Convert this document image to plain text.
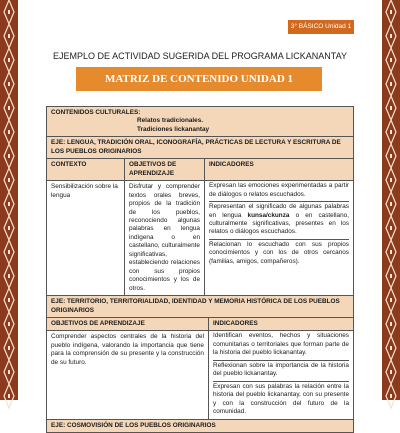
3° BÁSICO Unidad 1
EJEMPLO DE ACTIVIDAD SUGERIDA DEL PROGRAMA LICKANANTAY
MATRIZ DE CONTENIDO UNIDAD 1
CONTENIDOS CULTURALES:
Relatos tradicionales.
Tradiciones lickanantay
EJE: LENGUA, TRADICIÓN ORAL, ICONOGRAFÍA, PRÁCTICAS DE LECTURA Y ESCRITURA DE LOS PUEBLOS ORIGINARIOS
CONTEXTO	OBJETIVOS DE APRENDIZAJE
INDICADORES
Sensibilización sobre la lengua
Disfrutar y comprender textos orales breves, propios de la tradición de los pueblos, reconociendo algunas palabras en lengua indígena o en castellano, culturalmente significativas, estableciendo relaciones con sus propios conocimientos y los de otros.
Expresan las emociones experimentadas a partir de diálogos o relatos escuchados.
Representan el significado de algunas palabras en lengua kunsa/ckunza o en castellano, culturalmente significativas, presentes en los relatos o diálogos escuchados.
Relacionan lo escuchado con sus propios conocimientos y con los de otros cercanos (familias, amigos, compañeros).
EJE: TERRITORIO, TERRITORIALIDAD, IDENTIDAD Y MEMORIA HISTÓRICA DE LOS PUEBLOS ORIGINARIOS
OBJETIVOS DE APRENDIZAJE	INDICADORES
Comprender aspectos centrales de la historia del pueblo indígena, valorando la importancia que tiene para la comprensión de su presente y la construcción de su futuro.
Identifican eventos, hechos y situaciones comunitarias o territoriales que forman parte de la historia del pueblo lickanantay.
Reflexionan sobre la importancia de la historia del pueblo lickanantay.
Expresan con sus palabras la relación entre la historia del pueblo lickanantay, con su presente y con la construcción del futuro de la comunidad.
EJE: COSMOVISIÓN DE LOS PUEBLOS ORIGINARIOS
